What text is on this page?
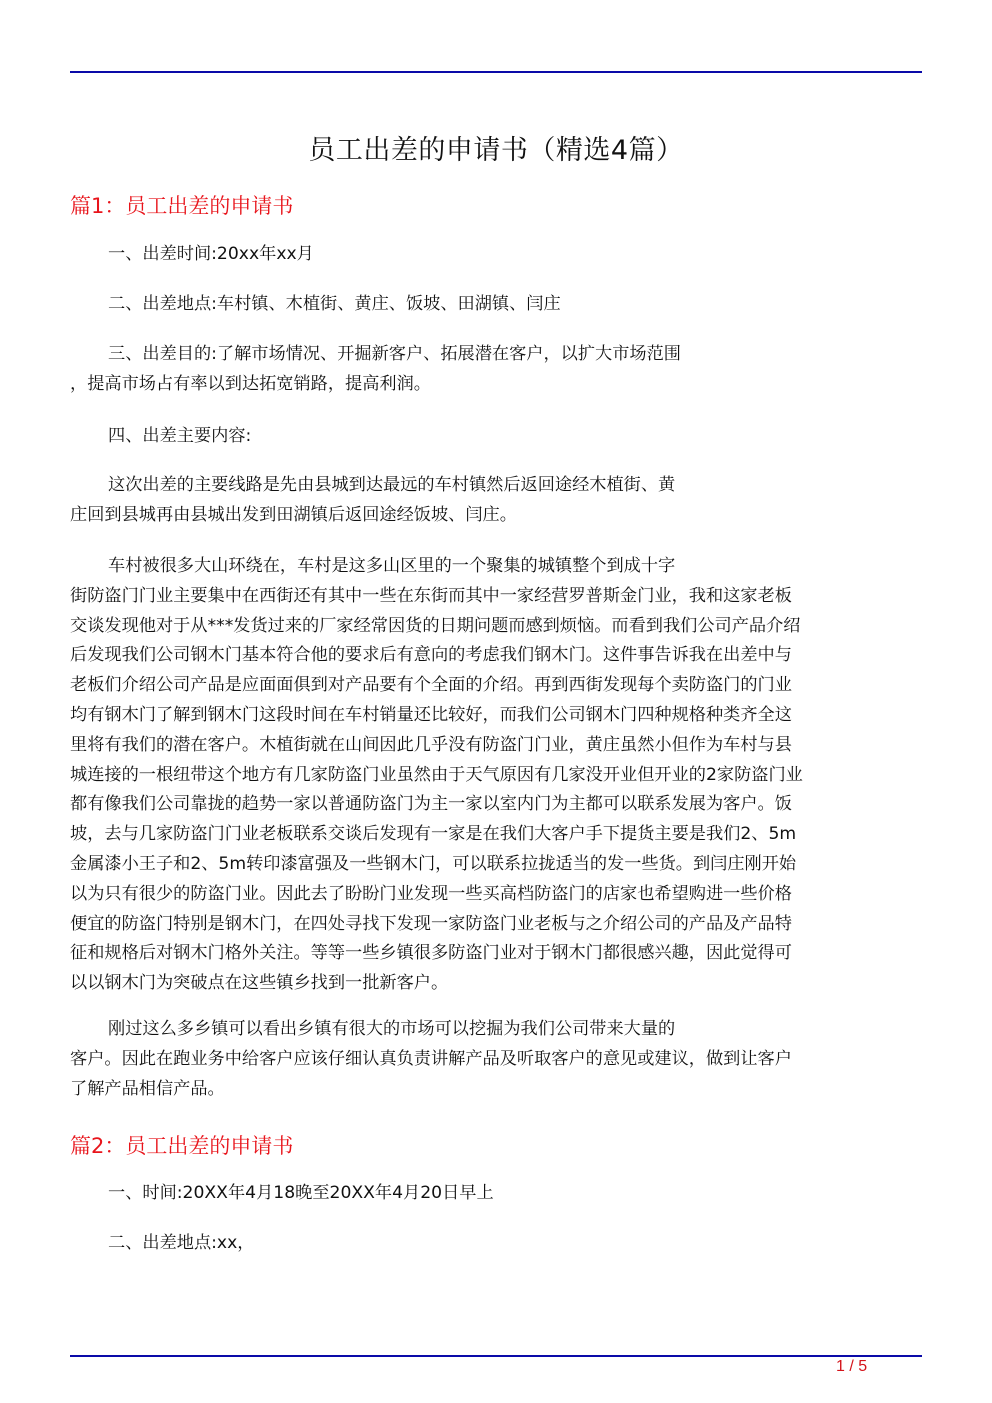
员工出差的申请书（精选4篇）
篇1：员工出差的申请书
一、出差时间:20xx年xx月
二、出差地点:车村镇、木植街、黄庄、饭坡、田湖镇、闫庄
三、出差目的:了解市场情况、开掘新客户、拓展潜在客户，以扩大市场范围
，提高市场占有率以到达拓宽销路，提高利润。
四、出差主要内容:
这次出差的主要线路是先由县城到达最远的车村镇然后返回途经木植街、黄
庄回到县城再由县城出发到田湖镇后返回途经饭坡、闫庄。
车村被很多大山环绕在，车村是这多山区里的一个聚集的城镇整个到成十字
街防盗门门业主要集中在西街还有其中一些在东街而其中一家经营罗普斯金门业，我和这家老板
交谈发现他对于从***发货过来的厂家经常因货的日期问题而感到烦恼。而看到我们公司产品介绍
后发现我们公司钢木门基本符合他的要求后有意向的考虑我们钢木门。这件事告诉我在出差中与
老板们介绍公司产品是应面面俱到对产品要有个全面的介绍。再到西街发现每个卖防盗门的门业
均有钢木门了解到钢木门这段时间在车村销量还比较好，而我们公司钢木门四种规格种类齐全这
里将有我们的潜在客户。木植街就在山间因此几乎没有防盗门门业，黄庄虽然小但作为车村与县
城连接的一根纽带这个地方有几家防盗门业虽然由于天气原因有几家没开业但开业的2家防盗门业
都有像我们公司靠拢的趋势一家以普通防盗门为主一家以室内门为主都可以联系发展为客户。饭
坡，去与几家防盗门门业老板联系交谈后发现有一家是在我们大客户手下提货主要是我们2、5m
金属漆小王子和2、5m转印漆富强及一些钢木门，可以联系拉拢适当的发一些货。到闫庄刚开始
以为只有很少的防盗门业。因此去了盼盼门业发现一些买高档防盗门的店家也希望购进一些价格
便宜的防盗门特别是钢木门，在四处寻找下发现一家防盗门业老板与之介绍公司的产品及产品特
征和规格后对钢木门格外关注。等等一些乡镇很多防盗门业对于钢木门都很感兴趣，因此觉得可
以以钢木门为突破点在这些镇乡找到一批新客户。
刚过这么多乡镇可以看出乡镇有很大的市场可以挖掘为我们公司带来大量的
客户。因此在跑业务中给客户应该仔细认真负责讲解产品及听取客户的意见或建议，做到让客户
了解产品相信产品。
篇2：员工出差的申请书
一、时间:20XX年4月18晚至20XX年4月20日早上
二、出差地点:xx，
1 / 5
